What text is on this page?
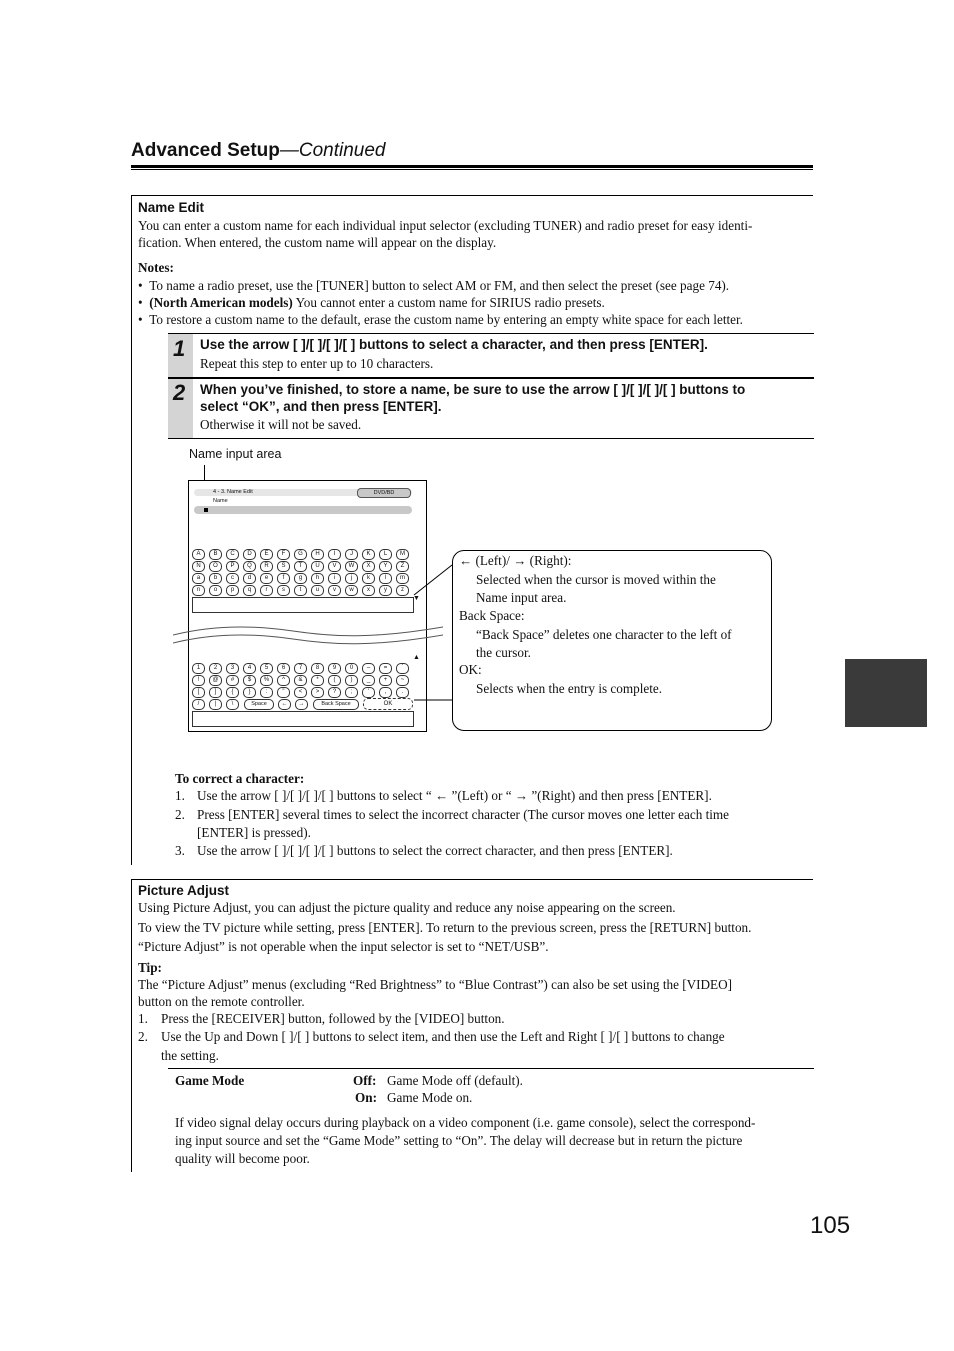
Advanced Setup—Continued
Name Edit

You can enter a custom name for each individual input selector (excluding TUNER) and radio preset for easy identi-

fication. When entered, the custom name will appear on the display.

Notes:

•  To name a radio preset, use the [TUNER] button to select AM or FM, and then select the preset (see page 74).

•  (North American models) You cannot enter a custom name for SIRIUS radio presets.

•  To restore a custom name to the default, erase the custom name by entering an empty white space for each letter.

1 Use the arrow [ ]/[ ]/[ ]/[ ] buttons to select a character, and then press [ENTER].

Repeat this step to enter up to 10 characters.

2 When you’ve finished, to store a name, be sure to use the arrow [ ]/[ ]/[ ]/[ ] buttons to
select “OK”, and then press [ENTER].

Otherwise it will not be saved.

Name input area
4 - 3. Name Edit	DVD/BD
Name
A	B	C	D	E	F	G	H	I	J	K	L	M
N	O	P	Q	R	S	T	U	V	W	X	Y	Z
a	b	c	d	e	f	g	h	i	j	k	l	m
n	o	p	q	r	s	t	u	v	w	x	y	z
▼
▲
1	2	3	4	5	6	7	8	9	0	–	=	`
!	@	#	$	%	^	&	*	(	)	_	+	~
[	]	{	}	:	"	<	>	?	;	'	,	.
/	|	\	Space	←	→	Back Space	OK

← (Left)/ → (Right):

Selected when the cursor is moved within the

Name input area.

Back Space:

“Back Space” deletes one character to the left of

the cursor.

OK:

Selects when the entry is complete.

To correct a character:

1. Use the arrow [ ]/[ ]/[ ]/[ ] buttons to select “ ← ”(Left) or “ → ”(Right) and then press [ENTER].

2. Press [ENTER] several times to select the incorrect character (The cursor moves one letter each time

[ENTER] is pressed).

3. Use the arrow [ ]/[ ]/[ ]/[ ] buttons to select the correct character, and then press [ENTER].

Picture Adjust

Using Picture Adjust, you can adjust the picture quality and reduce any noise appearing on the screen.

To view the TV picture while setting, press [ENTER]. To return to the previous screen, press the [RETURN] button.

“Picture Adjust” is not operable when the input selector is set to “NET/USB”.

Tip:

The “Picture Adjust” menus (excluding “Red Brightness” to “Blue Contrast”) can also be set using the [VIDEO]

button on the remote controller.

1. Press the [RECEIVER] button, followed by the [VIDEO] button.

2. Use the Up and Down [ ]/[ ] buttons to select item, and then use the Left and Right [ ]/[ ] buttons to change

the setting.

Game Mode	Off: Game Mode off (default).

On: Game Mode on.

If video signal delay occurs during playback on a video component (i.e. game console), select the correspond-

ing input source and set the “Game Mode” setting to “On”. The delay will decrease but in return the picture

quality will become poor.

105
